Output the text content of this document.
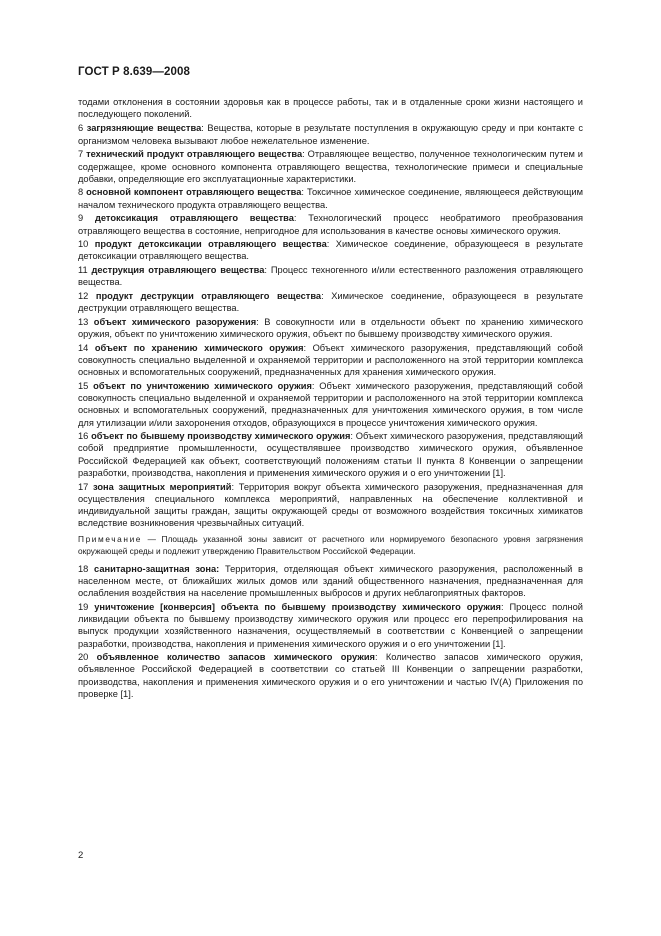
ГОСТ Р 8.639—2008

тодами отклонения в состоянии здоровья как в процессе работы, так и в отдаленные сроки жизни настоящего и последующего поколений.

6 загрязняющие вещества: Вещества, которые в результате поступления в окружающую среду и при контакте с организмом человека вызывают любое нежелательное изменение.

7 технический продукт отравляющего вещества: Отравляющее вещество, полученное технологическим путем и содержащее, кроме основного компонента отравляющего вещества, технологические примеси и специальные добавки, определяющие его эксплуатационные характеристики.

8 основной компонент отравляющего вещества: Токсичное химическое соединение, являющееся действующим началом технического продукта отравляющего вещества.

9 детоксикация отравляющего вещества: Технологический процесс необратимого преобразования отравляющего вещества в состояние, непригодное для использования в качестве основы химического оружия.

10 продукт детоксикации отравляющего вещества: Химическое соединение, образующееся в результате детоксикации отравляющего вещества.

11 деструкция отравляющего вещества: Процесс техногенного и/или естественного разложения отравляющего вещества.

12 продукт деструкции отравляющего вещества: Химическое соединение, образующееся в результате деструкции отравляющего вещества.

13 объект химического разоружения: В совокупности или в отдельности объект по хранению химического оружия, объект по уничтожению химического оружия, объект по бывшему производству химического оружия.

14 объект по хранению химического оружия: Объект химического разоружения, представляющий собой совокупность специально выделенной и охраняемой территории и расположенного на этой территории комплекса основных и вспомогательных сооружений, предназначенных для хранения химического оружия.

15 объект по уничтожению химического оружия: Объект химического разоружения, представляющий собой совокупность специально выделенной и охраняемой территории и расположенного на этой территории комплекса основных и вспомогательных сооружений, предназначенных для уничтожения химического оружия, в том числе для утилизации и/или захоронения отходов, образующихся в процессе уничтожения химического оружия.

16 объект по бывшему производству химического оружия: Объект химического разоружения, представляющий собой предприятие промышленности, осуществлявшее производство химического оружия, объявленное Российской Федерацией как объект, соответствующий положениям статьи II пункта 8 Конвенции о запрещении разработки, производства, накопления и применения химического оружия и о его уничтожении [1].

17 зона защитных мероприятий: Территория вокруг объекта химического разоружения, предназначенная для осуществления специального комплекса мероприятий, направленных на обеспечение коллективной и индивидуальной защиты граждан, защиты окружающей среды от возможного воздействия токсичных химикатов вследствие возникновения чрезвычайных ситуаций.

Примечание — Площадь указанной зоны зависит от расчетного или нормируемого безопасного уровня загрязнения окружающей среды и подлежит утверждению Правительством Российской Федерации.

18 санитарно-защитная зона: Территория, отделяющая объект химического разоружения, расположенный в населенном месте, от ближайших жилых домов или зданий общественного назначения, предназначенная для ослабления воздействия на население промышленных выбросов и других неблагоприятных факторов.

19 уничтожение [конверсия] объекта по бывшему производству химического оружия: Процесс полной ликвидации объекта по бывшему производству химического оружия или процесс его перепрофилирования на выпуск продукции хозяйственного назначения, осуществляемый в соответствии с Конвенцией о запрещении разработки, производства, накопления и применения химического оружия и о его уничтожении [1].

20 объявленное количество запасов химического оружия: Количество запасов химического оружия, объявленное Российской Федерацией в соответствии со статьей III Конвенции о запрещении разработки, производства, накопления и применения химического оружия и о его уничтожении и частью IV(A) Приложения по проверке [1].

2
